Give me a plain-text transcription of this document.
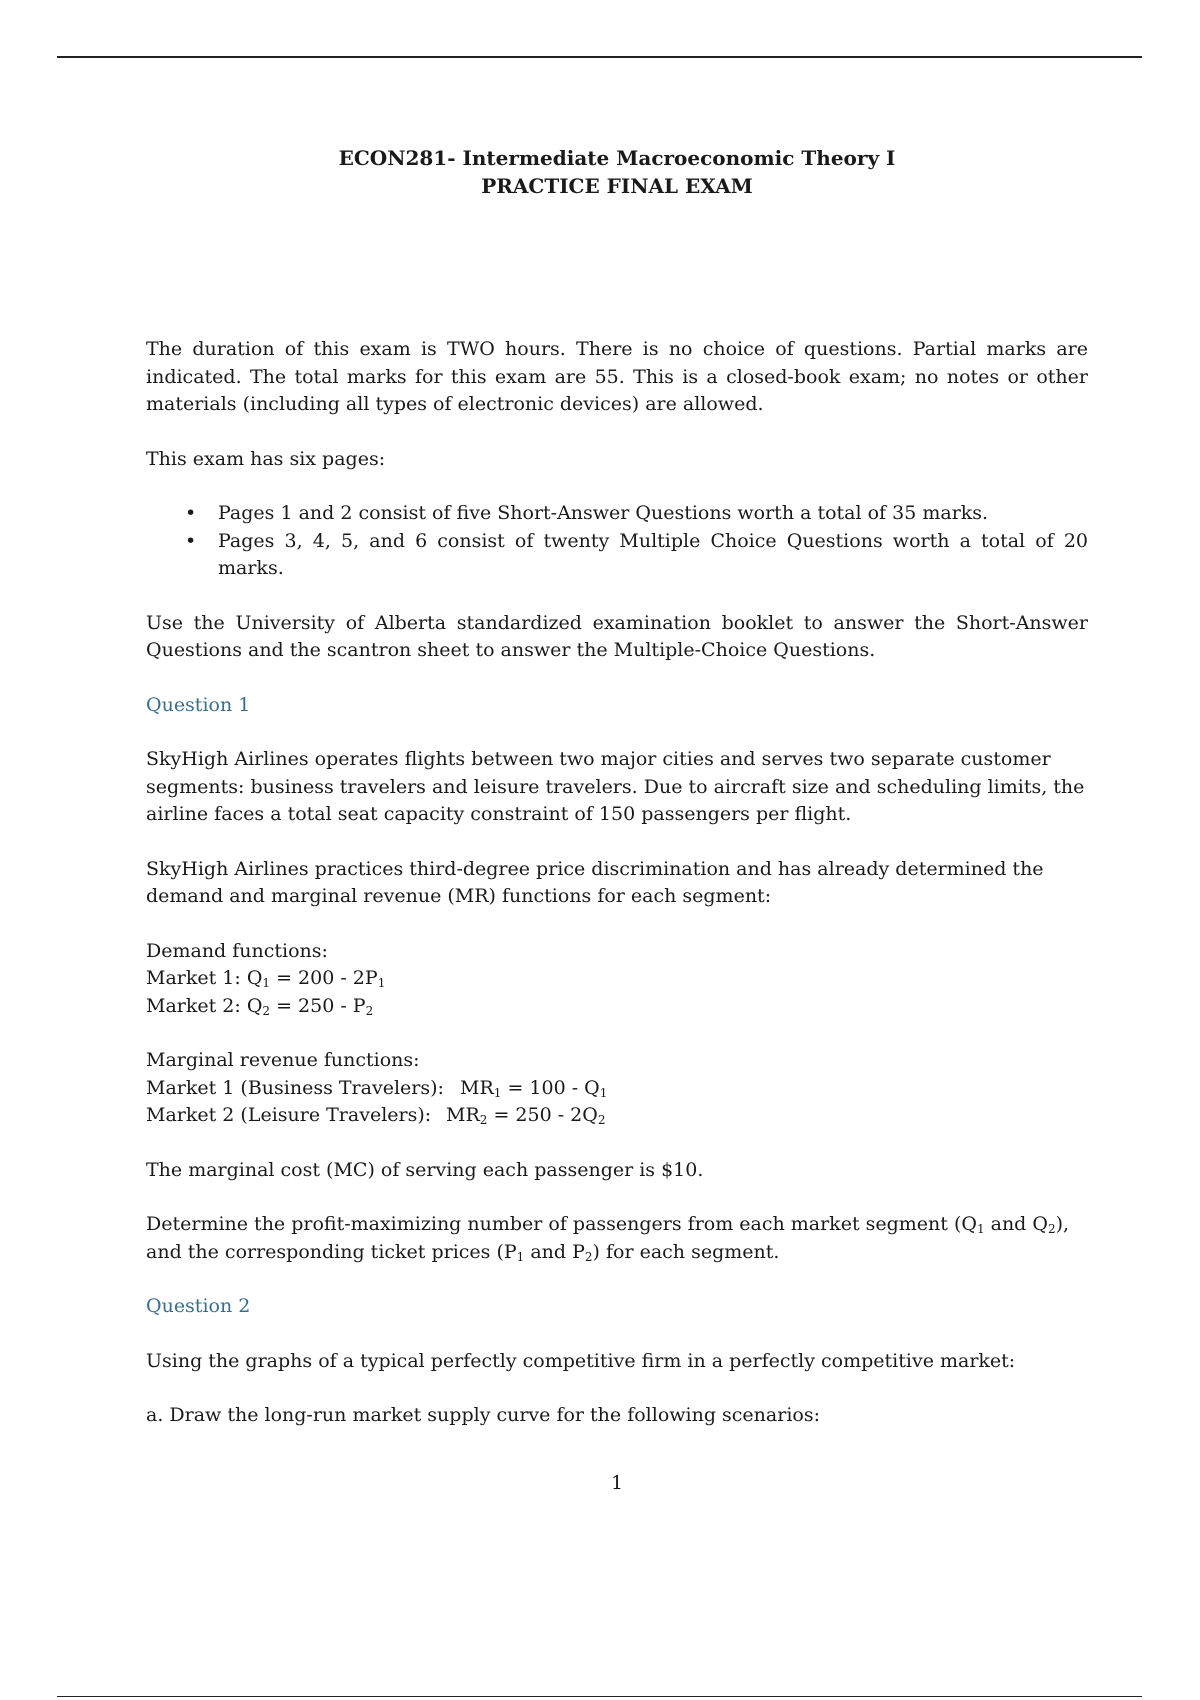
ECON281- Intermediate Macroeconomic Theory I
PRACTICE FINAL EXAM

The duration of this exam is TWO hours. There is no choice of questions. Partial marks are indicated. The total marks for this exam are 55. This is a closed-book exam; no notes or other materials (including all types of electronic devices) are allowed.

This exam has six pages:

• Pages 1 and 2 consist of five Short-Answer Questions worth a total of 35 marks.
• Pages 3, 4, 5, and 6 consist of twenty Multiple Choice Questions worth a total of 20 marks.

Use the University of Alberta standardized examination booklet to answer the Short-Answer Questions and the scantron sheet to answer the Multiple-Choice Questions.

Question 1

SkyHigh Airlines operates flights between two major cities and serves two separate customer segments: business travelers and leisure travelers. Due to aircraft size and scheduling limits, the airline faces a total seat capacity constraint of 150 passengers per flight.

SkyHigh Airlines practices third-degree price discrimination and has already determined the demand and marginal revenue (MR) functions for each segment:

Demand functions:
Market 1: $Q_1 = 200 - 2P_1$
Market 2: $Q_2 = 250 - P_2$
Marginal revenue functions:
Market 1 (Business Travelers): $MR_1 = 100 - Q_1$
Market 2 (Leisure Travelers): $MR_2 = 250 - 2Q_2$

The marginal cost (MC) of serving each passenger is $10.

Determine the profit-maximizing number of passengers from each market segment ($Q_1$ and $Q_2$), and the corresponding ticket prices ($P_1$ and $P_2$) for each segment.

Question 2

Using the graphs of a typical perfectly competitive firm in a perfectly competitive market:

a. Draw the long-run market supply curve for the following scenarios:

1
